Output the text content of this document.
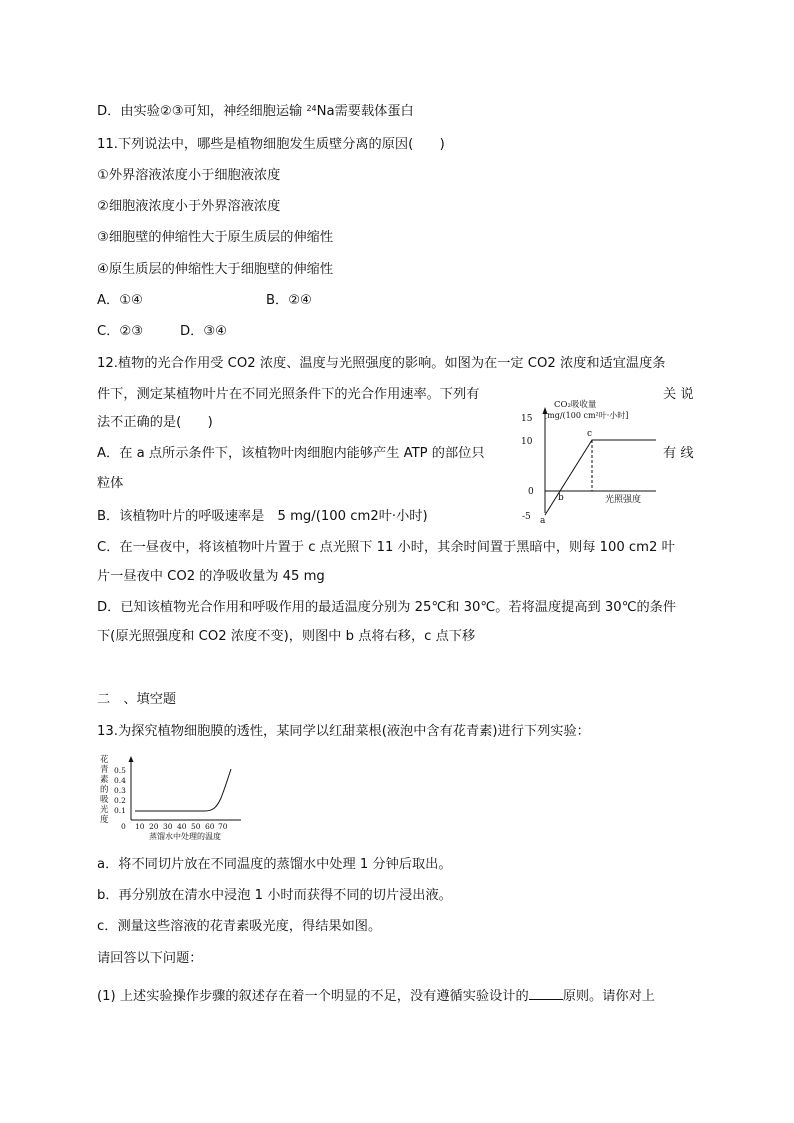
D．由实验②③可知，神经细胞运输 $^{24}$Na需要载体蛋白
11.下列说法中，哪些是植物细胞发生质壁分离的原因(　　)
①外界溶液浓度小于细胞液浓度
②细胞液浓度小于外界溶液浓度
③细胞壁的伸缩性大于原生质层的伸缩性
④原生质层的伸缩性大于细胞壁的伸缩性
A．①④	B．②④
C．②③	D．③④
12.植物的光合作用受 CO2 浓度、温度与光照强度的影响。如图为在一定 CO2 浓度和适宜温度条
件下，测定某植物叶片在不同光照条件下的光合作用速率。下列有	关 说
法不正确的是(　　)
A．在 a 点所示条件下，该植物叶肉细胞内能够产生 ATP 的部位只	有 线
粒体
B．该植物叶片的呼吸速率是　5 mg/(100 cm2叶·小时)
C．在一昼夜中，将该植物叶片置于 c 点光照下 11 小时，其余时间置于黑暗中，则每 100 cm2 叶
片一昼夜中 CO2 的净吸收量为 45 mg
D．已知该植物光合作用和呼吸作用的最适温度分别为 25℃和 30℃。若将温度提高到 30℃的条件
下(原光照强度和 CO2 浓度不变)，则图中 b 点将右移，c 点下移
CO₂吸收量
[mg/(100 cm²叶·小时]
15
10
0
-5 a
b
c
光照强度
二　、填空题
13.为探究植物细胞膜的透性，某同学以红甜菜根(液泡中含有花青素)进行下列实验：
花
青
素
的
吸
光
度
0.5
0.4
0.3
0.2
0.1
0 10 20 30 40 50 60 70
蒸馏水中处理的温度
a．将不同切片放在不同温度的蒸馏水中处理 1 分钟后取出。
b．再分别放在清水中浸泡 1 小时而获得不同的切片浸出液。
c．测量这些溶液的花青素吸光度，得结果如图。
请回答以下问题：
(1) 上述实验操作步骤的叙述存在着一个明显的不足，没有遵循实验设计的	原则。请你对上
